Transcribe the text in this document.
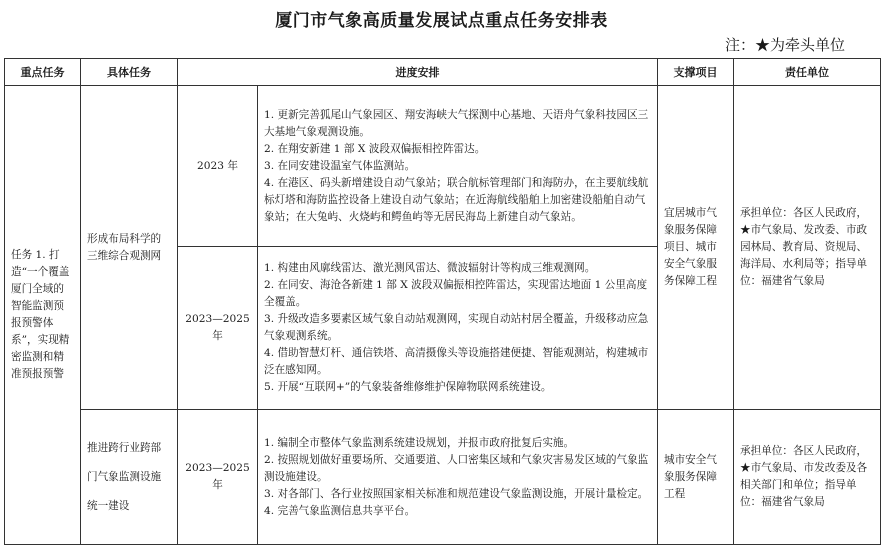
厦门市气象高质量发展试点重点任务安排表
注：★为牵头单位
重点任务	具体任务	进度安排		支撑项目	责任单位
任务 1. 打造“一个覆盖厦门全域的智能监测预报预警体系”，实现精密监测和精准预报预警	形成布局科学的三维综合观测网	2023 年	1. 更新完善狐尾山气象园区、翔安海峡大气探测中心基地、天语舟气象科技园区三大基地气象观测设施。
2. 在翔安新建 1 部 X 波段双偏振相控阵雷达。
3. 在同安建设温室气体监测站。
4. 在港区、码头新增建设自动气象站；联合航标管理部门和海防办，在主要航线航标灯塔和海防监控设备上建设自动气象站；在近海航线船舶上加密建设船舶自动气象站；在大兔屿、火烧屿和鳄鱼屿等无居民海岛上新建自动气象站。	宜居城市气象服务保障项目、城市安全气象服务保障工程	承担单位：各区人民政府，★市气象局、发改委、市政园林局、教育局、资规局、海洋局、水利局等；指导单位：福建省气象局
		2023—2025年	1. 构建由风廓线雷达、激光测风雷达、微波辐射计等构成三维观测网。
2. 在同安、海沧各新建 1 部 X 波段双偏振相控阵雷达，实现雷达地面 1 公里高度全覆盖。
3. 升级改造多要素区域气象自动站观测网，实现自动站村居全覆盖，升级移动应急气象观测系统。
4. 借助智慧灯杆、通信铁塔、高清摄像头等设施搭建便捷、智能观测站，构建城市泛在感知网。
5. 开展“互联网+”的气象装备维修维护保障物联网系统建设。		

	推进跨行业跨部门气象监测设施统一建设	2023—2025年	1. 编制全市整体气象监测系统建设规划，并报市政府批复后实施。
2. 按照规划做好重要场所、交通要道、人口密集区域和气象灾害易发区域的气象监测设施建设。
3. 对各部门、各行业按照国家相关标准和规范建设气象监测设施，开展计量检定。
4. 完善气象监测信息共享平台。	城市安全气象服务保障工程	承担单位：各区人民政府，★市气象局、市发改委及各相关部门和单位；指导单位：福建省气象局
